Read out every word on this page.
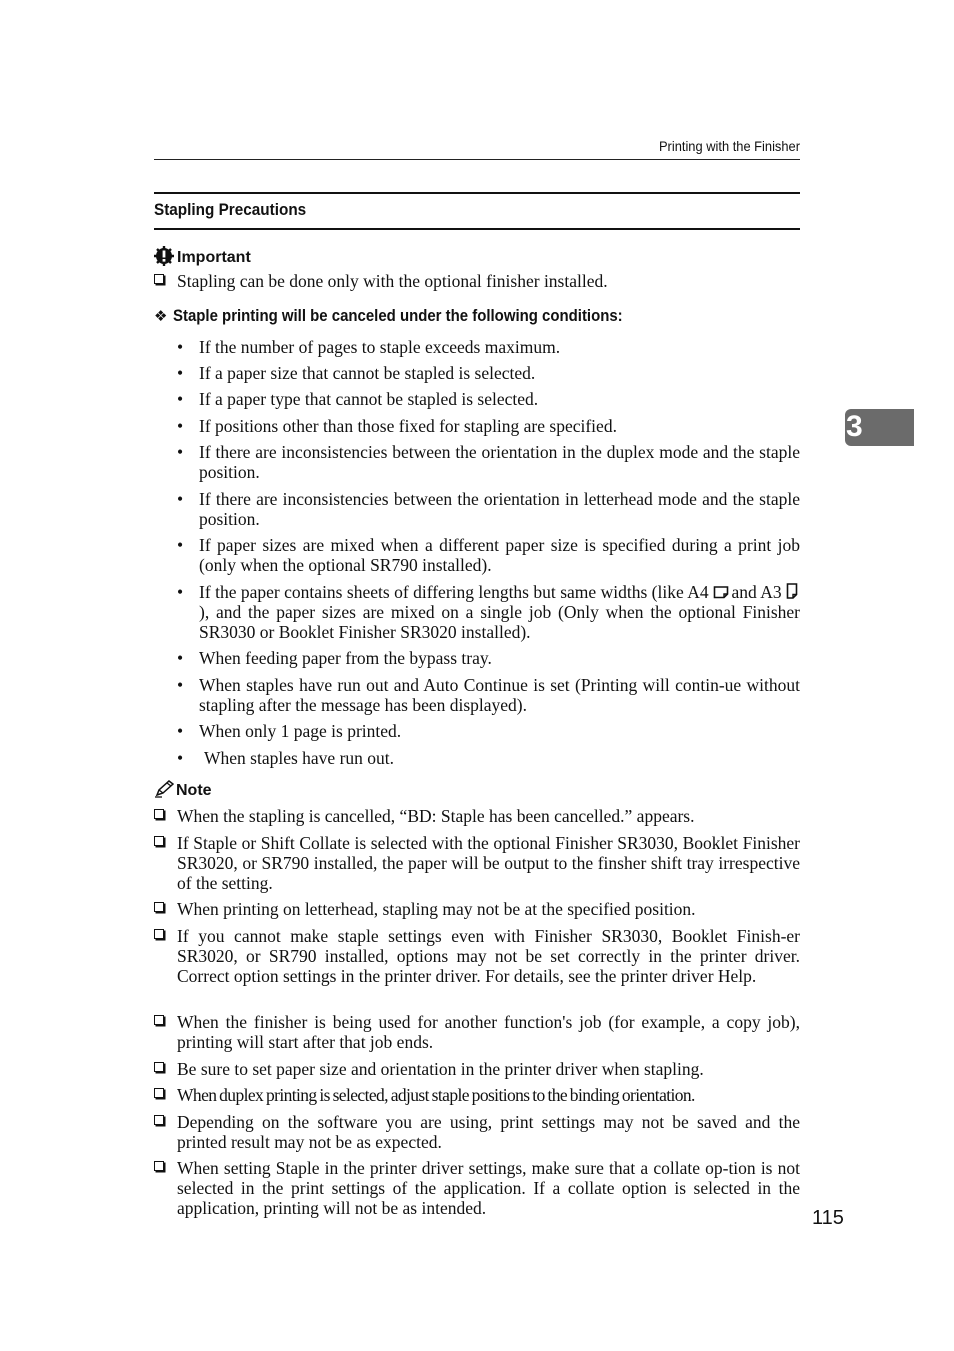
Printing with the Finisher
Stapling Precautions
3
Important
Stapling can be done only with the optional finisher installed.
❖ Staple printing will be canceled under the following conditions:
• If the number of pages to staple exceeds maximum.
• If a paper size that cannot be stapled is selected.
• If a paper type that cannot be stapled is selected.
• If positions other than those fixed for stapling are specified.
• If there are inconsistencies between the orientation in the duplex mode and the staple position.
• If there are inconsistencies between the orientation in letterhead mode and the staple position.
• If paper sizes are mixed when a different paper size is specified during a print job (only when the optional SR790 installed).
• If the paper contains sheets of differing lengths but same widths (like A4 and A3 ), and the paper sizes are mixed on a single job (Only when the optional Finisher SR3030 or Booklet Finisher SR3020 installed).
• When feeding paper from the bypass tray.
• When staples have run out and Auto Continue is set (Printing will contin-ue without stapling after the message has been displayed).
• When only 1 page is printed.
• When staples have run out.
Note
When the stapling is cancelled, “BD: Staple has been cancelled.” appears.
If Staple or Shift Collate is selected with the optional Finisher SR3030, Booklet Finisher SR3020, or SR790 installed, the paper will be output to the finsher shift tray irrespective of the setting.
When printing on letterhead, stapling may not be at the specified position.
If you cannot make staple settings even with Finisher SR3030, Booklet Finish-er SR3020, or SR790 installed, options may not be set correctly in the printer driver. Correct option settings in the printer driver. For details, see the printer driver Help.
When the finisher is being used for another function's job (for example, a copy job), printing will start after that job ends.
Be sure to set paper size and orientation in the printer driver when stapling.
When duplex printing is selected, adjust staple positions to the binding orientation.
Depending on the software you are using, print settings may not be saved and the printed result may not be as expected.
When setting Staple in the printer driver settings, make sure that a collate op-tion is not selected in the print settings of the application. If a collate option is selected in the application, printing will not be as intended.	115
